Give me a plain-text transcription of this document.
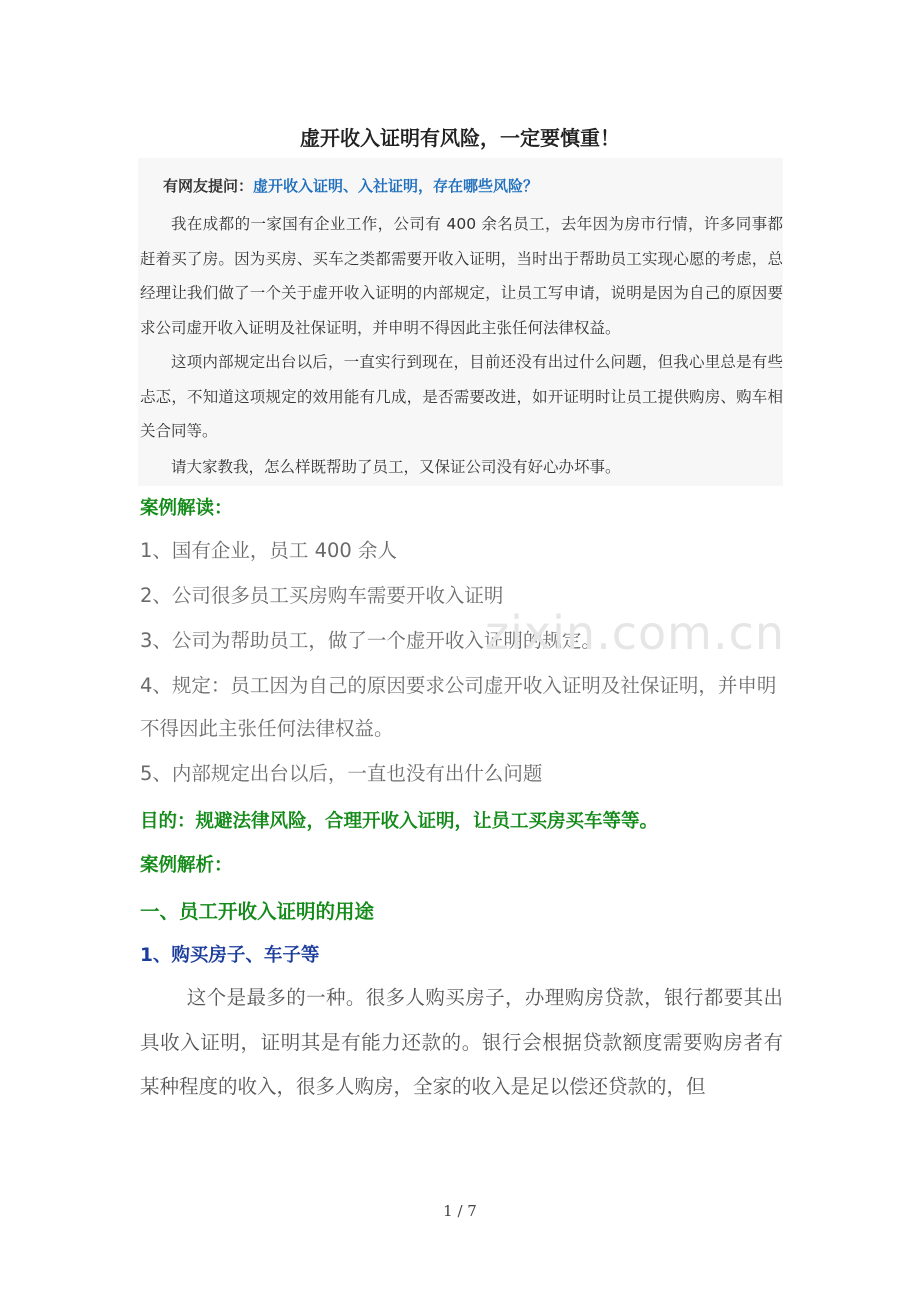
虚开收入证明有风险，一定要慎重！
有网友提问：虚开收入证明、入社证明，存在哪些风险？

我在成都的一家国有企业工作，公司有 400 余名员工，去年因为房市行情，许多同事都赶着买了房。因为买房、买车之类都需要开收入证明，当时出于帮助员工实现心愿的考虑，总经理让我们做了一个关于虚开收入证明的内部规定，让员工写申请，说明是因为自己的原因要求公司虚开收入证明及社保证明，并申明不得因此主张任何法律权益。

这项内部规定出台以后，一直实行到现在，目前还没有出过什么问题，但我心里总是有些忐忑，不知道这项规定的效用能有几成，是否需要改进，如开证明时让员工提供购房、购车相关合同等。

请大家教我，怎么样既帮助了员工，又保证公司没有好心办坏事。

案例解读：

1、国有企业，员工 400 余人

2、公司很多员工买房购车需要开收入证明

3、公司为帮助员工，做了一个虚开收入证明的规定。

4、规定：员工因为自己的原因要求公司虚开收入证明及社保证明，并申明不得因此主张任何法律权益。

5、内部规定出台以后，一直也没有出什么问题

目的：规避法律风险，合理开收入证明，让员工买房买车等等。
案例解析：
一、员工开收入证明的用途
1、购买房子、车子等

这个是最多的一种。很多人购买房子，办理购房贷款，银行都要其出具收入证明，证明其是有能力还款的。银行会根据贷款额度需要购房者有某种程度的收入，很多人购房，全家的收入是足以偿还贷款的，但

zixin.com.cn
1 / 7
